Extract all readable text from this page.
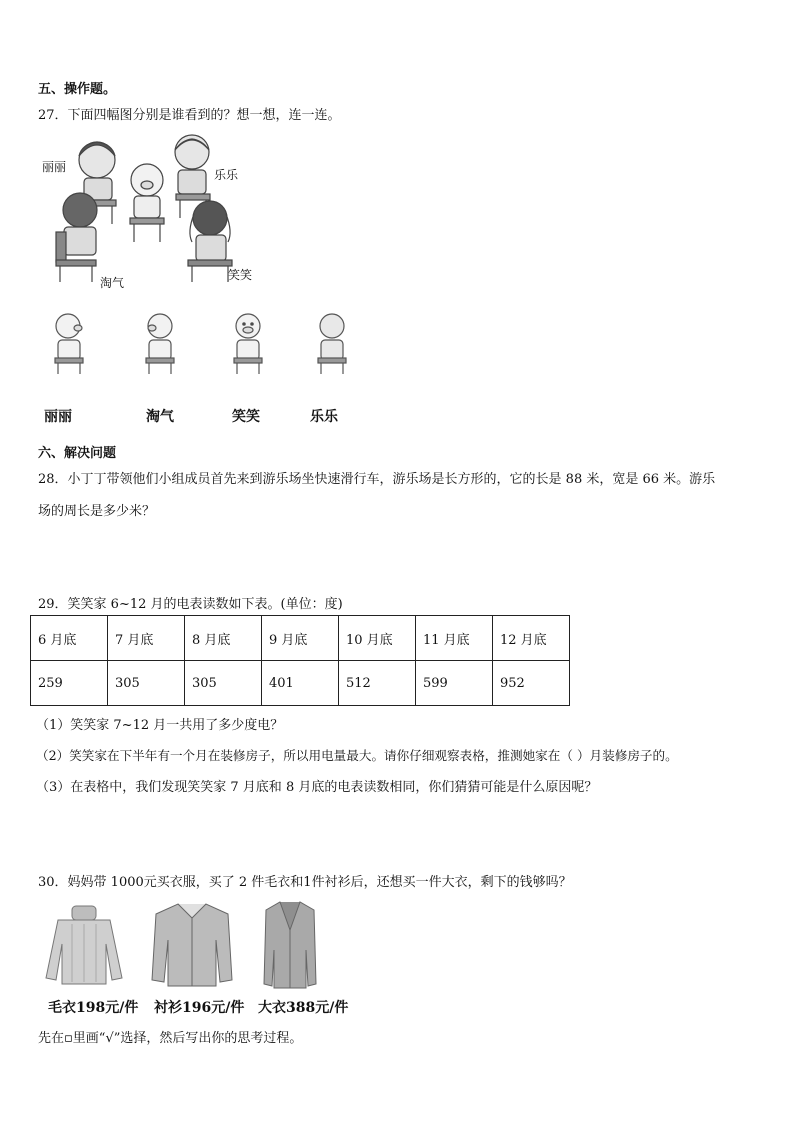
五、操作题。
27．下面四幅图分别是谁看到的？想一想，连一连。
丽丽
乐乐
淘气
笑笑
丽丽	淘气	笑笑	乐乐
六、解决问题
28．小丁丁带领他们小组成员首先来到游乐场坐快速滑行车，游乐场是长方形的，它的长是 88 米，宽是 66 米。游乐
场的周长是多少米？
29．笑笑家 6~12 月的电表读数如下表。(单位：度)
6 月底	7 月底	8 月底	9 月底	10 月底	11 月底	12 月底
259	305	305	401	512	599	952
（1）笑笑家 7~12 月一共用了多少度电？
（2）笑笑家在下半年有一个月在装修房子，所以用电量最大。请你仔细观察表格，推测她家在（ ）月装修房子的。
（3）在表格中，我们发现笑笑家 7 月底和 8 月底的电表读数相同，你们猜猜可能是什么原因呢？
30．妈妈带 1000元买衣服，买了 2 件毛衣和1件衬衫后，还想买一件大衣，剩下的钱够吗？
毛衣198元/件 衬衫196元/件 大衣388元/件
先在▫里画“√”选择，然后写出你的思考过程。
